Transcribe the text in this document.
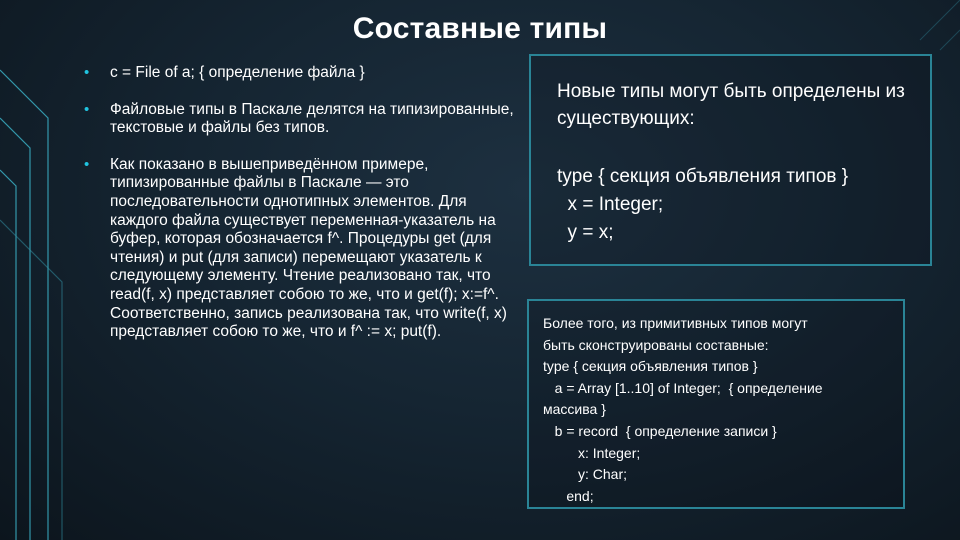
Составные типы
• c = File of a; { определение файла }
• Файловые типы в Паскале делятся на типизированные, текстовые и файлы без типов.
• Как показано в вышеприведённом примере, типизированные файлы в Паскале — это последовательности однотипных элементов. Для каждого файла существует переменная-указатель на буфер, которая обозначается f^. Процедуры get (для чтения) и put (для записи) перемещают указатель к следующему элементу. Чтение реализовано так, что read(f, x) представляет собою то же, что и get(f); x:=f^. Соответственно, запись реализована так, что write(f, x) представляет собою то же, что и f^ := x; put(f).
Новые типы могут быть определены из существующих:
type { секция объявления типов }
x = Integer;
y = x;
Более того, из примитивных типов могут
быть сконструированы составные:
type { секция объявления типов }
a = Array [1..10] of Integer;  { определение
массива }
b = record  { определение записи }
x: Integer;
y: Char;
end;
